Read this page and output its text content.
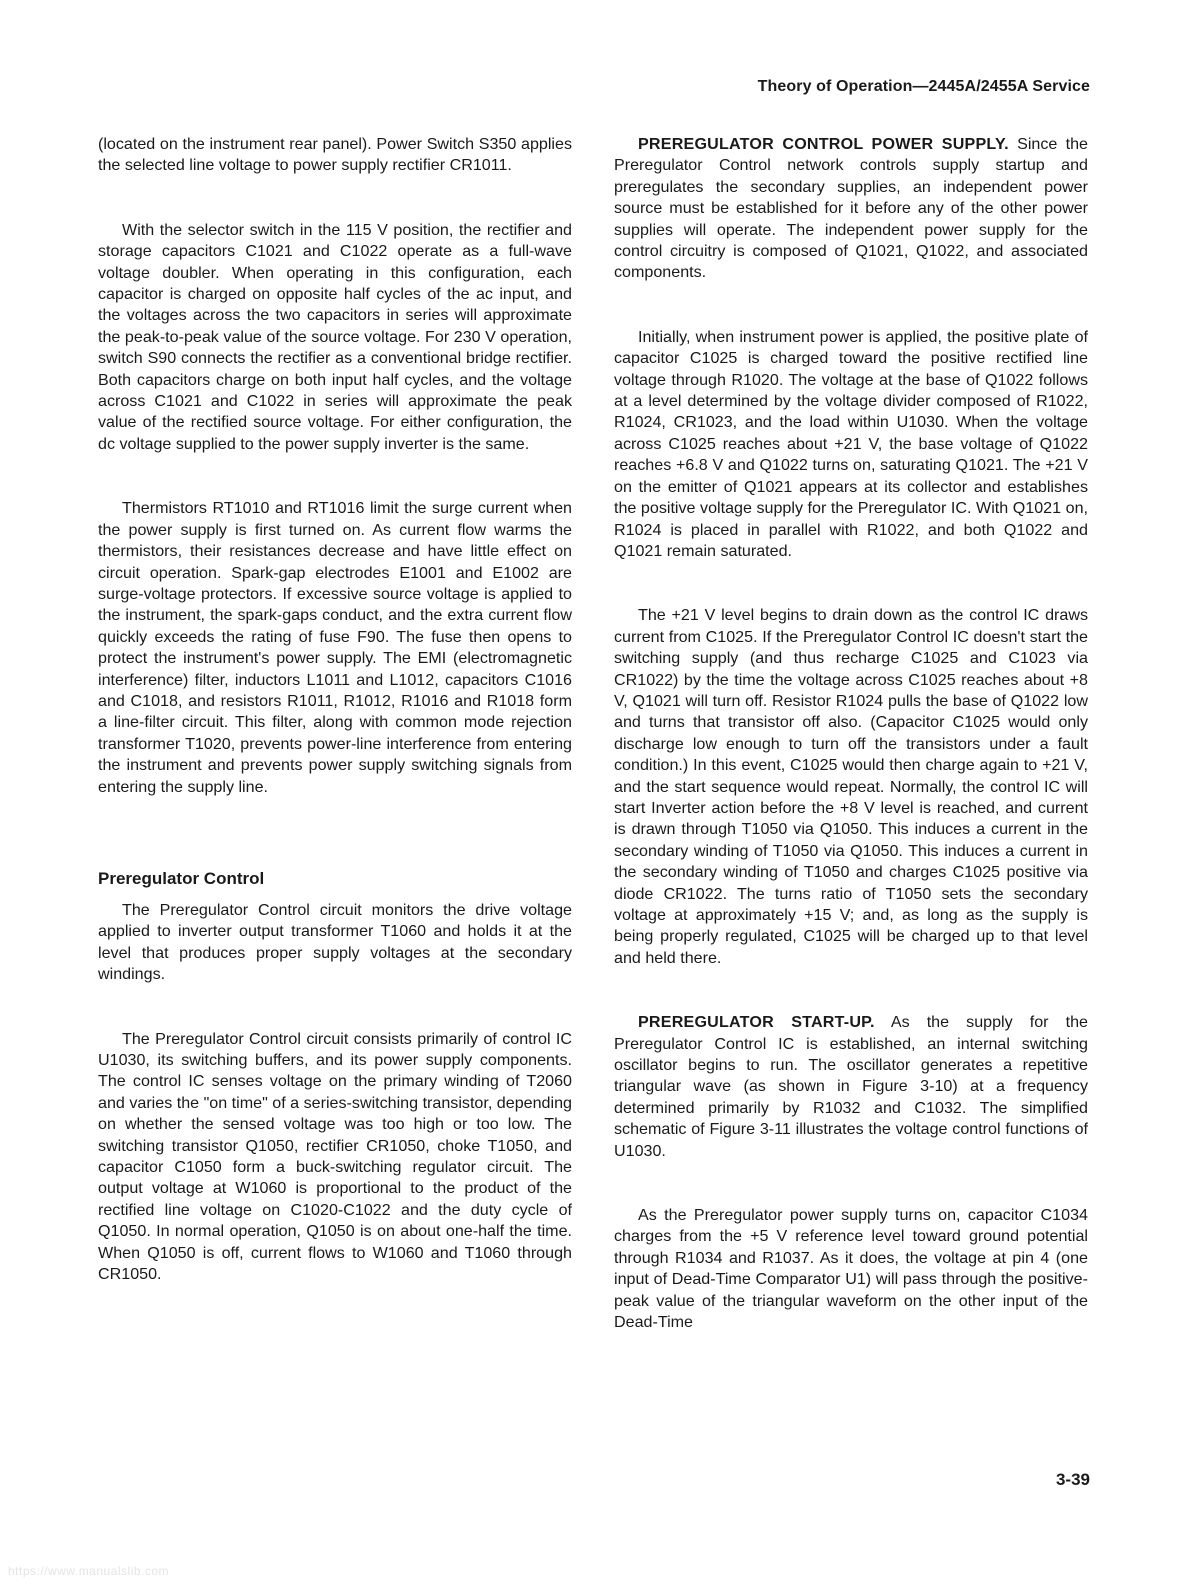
Theory of Operation—2445A/2455A Service

(located on the instrument rear panel). Power Switch S350 applies the selected line voltage to power supply rectifier CR1011.

With the selector switch in the 115 V position, the rectifier and storage capacitors C1021 and C1022 operate as a full-wave voltage doubler. When operating in this configuration, each capacitor is charged on opposite half cycles of the ac input, and the voltages across the two capacitors in series will approximate the peak-to-peak value of the source voltage. For 230 V operation, switch S90 connects the rectifier as a conventional bridge rectifier. Both capacitors charge on both input half cycles, and the voltage across C1021 and C1022 in series will approximate the peak value of the rectified source voltage. For either configuration, the dc voltage supplied to the power supply inverter is the same.

Thermistors RT1010 and RT1016 limit the surge current when the power supply is first turned on. As current flow warms the thermistors, their resistances decrease and have little effect on circuit operation. Spark-gap electrodes E1001 and E1002 are surge-voltage protectors. If excessive source voltage is applied to the instrument, the spark-gaps conduct, and the extra current flow quickly exceeds the rating of fuse F90. The fuse then opens to protect the instrument's power supply. The EMI (electromagnetic interference) filter, inductors L1011 and L1012, capacitors C1016 and C1018, and resistors R1011, R1012, R1016 and R1018 form a line-filter circuit. This filter, along with common mode rejection transformer T1020, prevents power-line interference from entering the instrument and prevents power supply switching signals from entering the supply line.

Preregulator Control

The Preregulator Control circuit monitors the drive voltage applied to inverter output transformer T1060 and holds it at the level that produces proper supply voltages at the secondary windings.

The Preregulator Control circuit consists primarily of control IC U1030, its switching buffers, and its power supply components. The control IC senses voltage on the primary winding of T2060 and varies the "on time" of a series-switching transistor, depending on whether the sensed voltage was too high or too low. The switching transistor Q1050, rectifier CR1050, choke T1050, and capacitor C1050 form a buck-switching regulator circuit. The output voltage at W1060 is proportional to the product of the rectified line voltage on C1020-C1022 and the duty cycle of Q1050. In normal operation, Q1050 is on about one-half the time. When Q1050 is off, current flows to W1060 and T1060 through CR1050.

PREREGULATOR CONTROL POWER SUPPLY. Since the Preregulator Control network controls supply startup and preregulates the secondary supplies, an independent power source must be established for it before any of the other power supplies will operate. The independent power supply for the control circuitry is composed of Q1021, Q1022, and associated components.

Initially, when instrument power is applied, the positive plate of capacitor C1025 is charged toward the positive rectified line voltage through R1020. The voltage at the base of Q1022 follows at a level determined by the voltage divider composed of R1022, R1024, CR1023, and the load within U1030. When the voltage across C1025 reaches about +21 V, the base voltage of Q1022 reaches +6.8 V and Q1022 turns on, saturating Q1021. The +21 V on the emitter of Q1021 appears at its collector and establishes the positive voltage supply for the Preregulator IC. With Q1021 on, R1024 is placed in parallel with R1022, and both Q1022 and Q1021 remain saturated.

The +21 V level begins to drain down as the control IC draws current from C1025. If the Preregulator Control IC doesn't start the switching supply (and thus recharge C1025 and C1023 via CR1022) by the time the voltage across C1025 reaches about +8 V, Q1021 will turn off. Resistor R1024 pulls the base of Q1022 low and turns that transistor off also. (Capacitor C1025 would only discharge low enough to turn off the transistors under a fault condition.) In this event, C1025 would then charge again to +21 V, and the start sequence would repeat. Normally, the control IC will start Inverter action before the +8 V level is reached, and current is drawn through T1050 via Q1050. This induces a current in the secondary winding of T1050 via Q1050. This induces a current in the secondary winding of T1050 and charges C1025 positive via diode CR1022. The turns ratio of T1050 sets the secondary voltage at approximately +15 V; and, as long as the supply is being properly regulated, C1025 will be charged up to that level and held there.

PREREGULATOR START-UP. As the supply for the Preregulator Control IC is established, an internal switching oscillator begins to run. The oscillator generates a repetitive triangular wave (as shown in Figure 3-10) at a frequency determined primarily by R1032 and C1032. The simplified schematic of Figure 3-11 illustrates the voltage control functions of U1030.

As the Preregulator power supply turns on, capacitor C1034 charges from the +5 V reference level toward ground potential through R1034 and R1037. As it does, the voltage at pin 4 (one input of Dead-Time Comparator U1) will pass through the positive-peak value of the triangular waveform on the other input of the Dead-Time

3-39
https://www.manualslib.com
